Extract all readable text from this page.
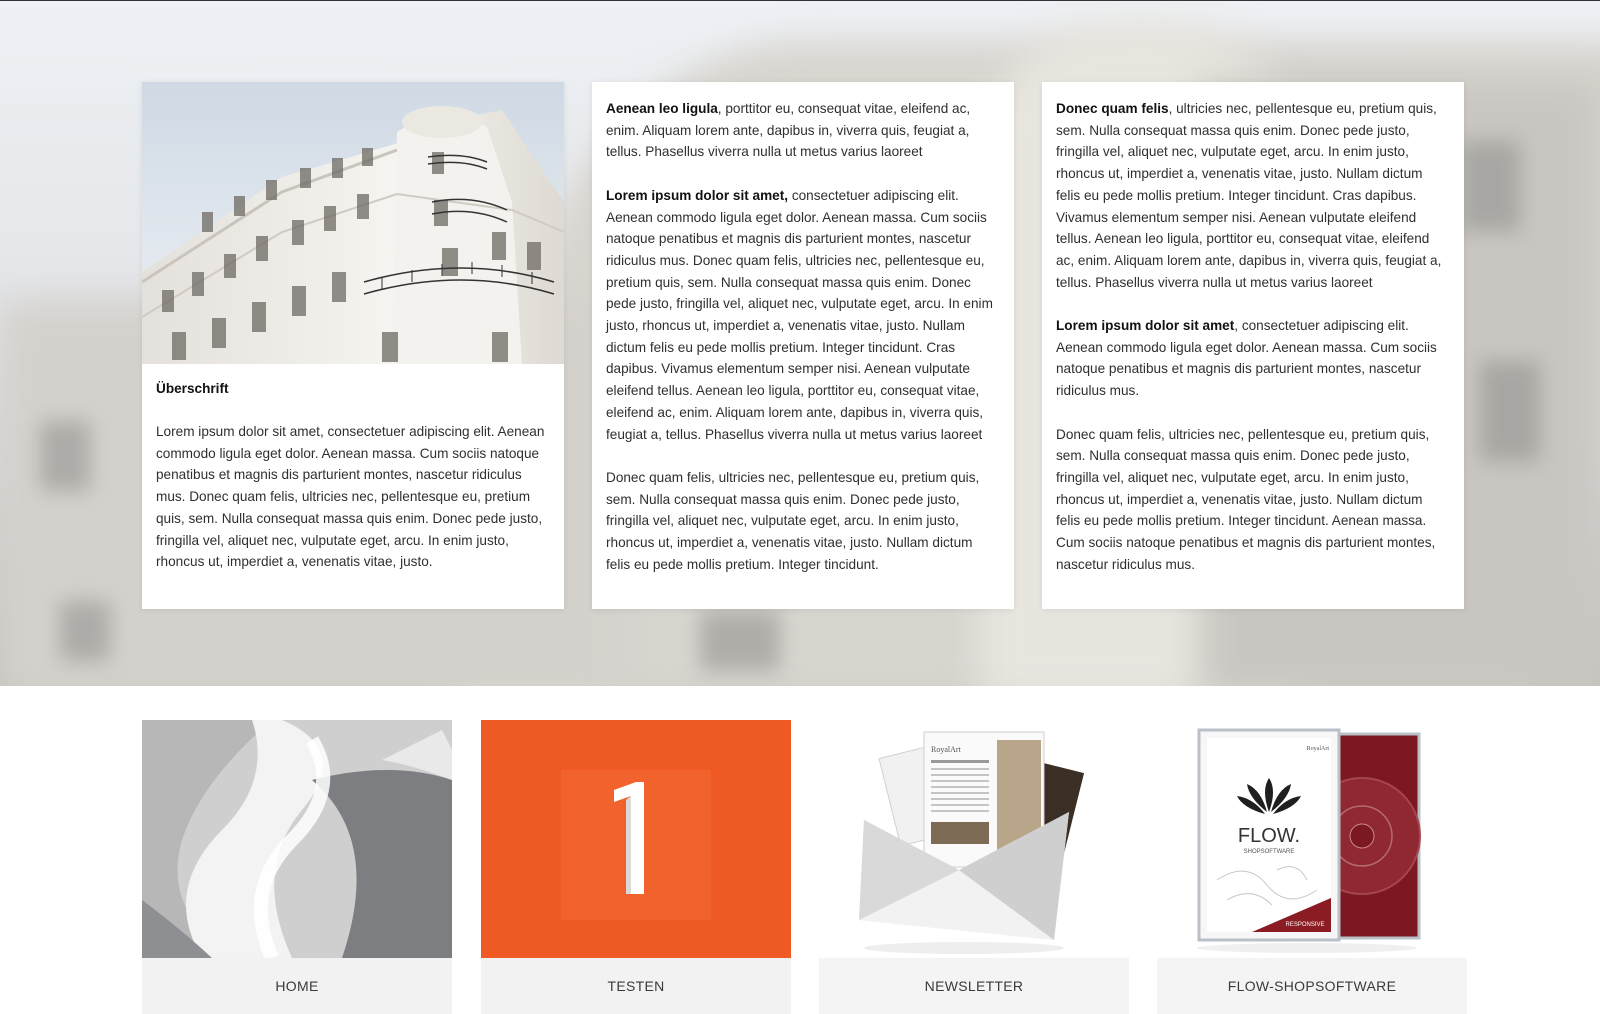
Überschrift

Lorem ipsum dolor sit amet, consectetuer adipiscing elit. Aenean commodo ligula eget dolor. Aenean massa. Cum sociis natoque penatibus et magnis dis parturient montes, nascetur ridiculus mus. Donec quam felis, ultricies nec, pellentesque eu, pretium quis, sem. Nulla consequat massa quis enim. Donec pede justo, fringilla vel, aliquet nec, vulputate eget, arcu. In enim justo, rhoncus ut, imperdiet a, venenatis vitae, justo.

Aenean leo ligula, porttitor eu, consequat vitae, eleifend ac, enim. Aliquam lorem ante, dapibus in, viverra quis, feugiat a, tellus. Phasellus viverra nulla ut metus varius laoreet

Lorem ipsum dolor sit amet, consectetuer adipiscing elit. Aenean commodo ligula eget dolor. Aenean massa. Cum sociis natoque penatibus et magnis dis parturient montes, nascetur ridiculus mus. Donec quam felis, ultricies nec, pellentesque eu, pretium quis, sem. Nulla consequat massa quis enim. Donec pede justo, fringilla vel, aliquet nec, vulputate eget, arcu. In enim justo, rhoncus ut, imperdiet a, venenatis vitae, justo. Nullam dictum felis eu pede mollis pretium. Integer tincidunt. Cras dapibus. Vivamus elementum semper nisi. Aenean vulputate eleifend tellus. Aenean leo ligula, porttitor eu, consequat vitae, eleifend ac, enim. Aliquam lorem ante, dapibus in, viverra quis, feugiat a, tellus. Phasellus viverra nulla ut metus varius laoreet

Donec quam felis, ultricies nec, pellentesque eu, pretium quis, sem. Nulla consequat massa quis enim. Donec pede justo, fringilla vel, aliquet nec, vulputate eget, arcu. In enim justo, rhoncus ut, imperdiet a, venenatis vitae, justo. Nullam dictum felis eu pede mollis pretium. Integer tincidunt.

Donec quam felis, ultricies nec, pellentesque eu, pretium quis, sem. Nulla consequat massa quis enim. Donec pede justo, fringilla vel, aliquet nec, vulputate eget, arcu. In enim justo, rhoncus ut, imperdiet a, venenatis vitae, justo. Nullam dictum felis eu pede mollis pretium. Integer tincidunt. Cras dapibus. Vivamus elementum semper nisi. Aenean vulputate eleifend tellus. Aenean leo ligula, porttitor eu, consequat vitae, eleifend ac, enim. Aliquam lorem ante, dapibus in, viverra quis, feugiat a, tellus. Phasellus viverra nulla ut metus varius laoreet

Lorem ipsum dolor sit amet, consectetuer adipiscing elit. Aenean commodo ligula eget dolor. Aenean massa. Cum sociis natoque penatibus et magnis dis parturient montes, nascetur ridiculus mus.

Donec quam felis, ultricies nec, pellentesque eu, pretium quis, sem. Nulla consequat massa quis enim. Donec pede justo, fringilla vel, aliquet nec, vulputate eget, arcu. In enim justo, rhoncus ut, imperdiet a, venenatis vitae, justo. Nullam dictum felis eu pede mollis pretium. Integer tincidunt. Aenean massa. Cum sociis natoque penatibus et magnis dis parturient montes, nascetur ridiculus mus.

HOME	TESTEN
RoyalArt
NEWSLETTER
FLOW.
SHOPSOFTWARE
RoyalArt
RESPONSIVE
FLOW-SHOPSOFTWARE
